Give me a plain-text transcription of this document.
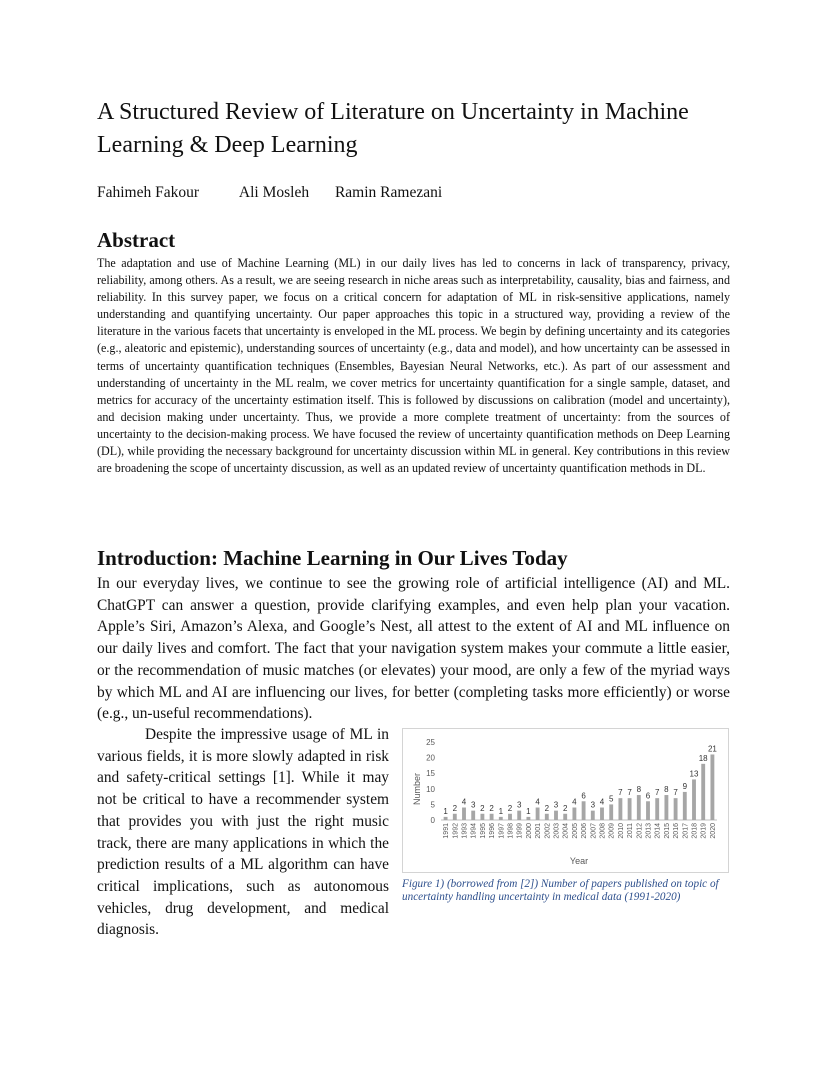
A Structured Review of Literature on Uncertainty in Machine Learning & Deep Learning
Fahimeh Fakour	Ali Mosleh Ramin Ramezani
Abstract

The adaptation and use of Machine Learning (ML) in our daily lives has led to concerns in lack of transparency, privacy, reliability, among others. As a result, we are seeing research in niche areas such as interpretability, causality, bias and fairness, and reliability. In this survey paper, we focus on a critical concern for adaptation of ML in risk-sensitive applications, namely understanding and quantifying uncertainty. Our paper approaches this topic in a structured way, providing a review of the literature in the various facets that uncertainty is enveloped in the ML process. We begin by defining uncertainty and its categories (e.g., aleatoric and epistemic), understanding sources of uncertainty (e.g., data and model), and how uncertainty can be assessed in terms of uncertainty quantification techniques (Ensembles, Bayesian Neural Networks, etc.). As part of our assessment and understanding of uncertainty in the ML realm, we cover metrics for uncertainty quantification for a single sample, dataset, and metrics for accuracy of the uncertainty estimation itself. This is followed by discussions on calibration (model and uncertainty), and decision making under uncertainty. Thus, we provide a more complete treatment of uncertainty: from the sources of uncertainty to the decision-making process. We have focused the review of uncertainty quantification methods on Deep Learning (DL), while providing the necessary background for uncertainty discussion within ML in general. Key contributions in this review are broadening the scope of uncertainty discussion, as well as an updated review of uncertainty quantification methods in DL.

Introduction: Machine Learning in Our Lives Today

In our everyday lives, we continue to see the growing role of artificial intelligence (AI) and ML. ChatGPT can answer a question, provide clarifying examples, and even help plan your vacation. Apple’s Siri, Amazon’s Alexa, and Google’s Nest, all attest to the extent of AI and ML influence on our daily lives and comfort. The fact that your navigation system makes your commute a little easier, or the recommendation of music matches (or elevates) your mood, are only a few of the myriad ways by which ML and AI are influencing our lives, for better (completing tasks more efficiently) or worse (e.g., un-useful recommendations).

Despite the impressive usage of ML in various fields, it is more slowly adapted in risk and safety-critical settings [1]. While it may not be critical to have a recommender system that provides you with just the right music track, there are many applications in which the prediction results of a ML algorithm can have critical implications, such as autonomous vehicles, drug development, and medical diagnosis.

0
5
10
15
20
25
1
1991
2
1992
4
1993
3
1994
2
1995
2
1996
1
1997
2
1998
3
1999
1
2000
4
2001
2
2002
3
2003
2
2004
4
2005
6
2006
3
2007
4
2008
5
2009
7
2010
7
2011
8
2012
6
2013
7
2014
8
2015
7
2016
9
2017
13
2018
18
2019
21
2020
Year
Number

Figure 1) (borrowed from [2]) Number of papers published on topic of uncertainty handling uncertainty in medical data (1991-2020)
